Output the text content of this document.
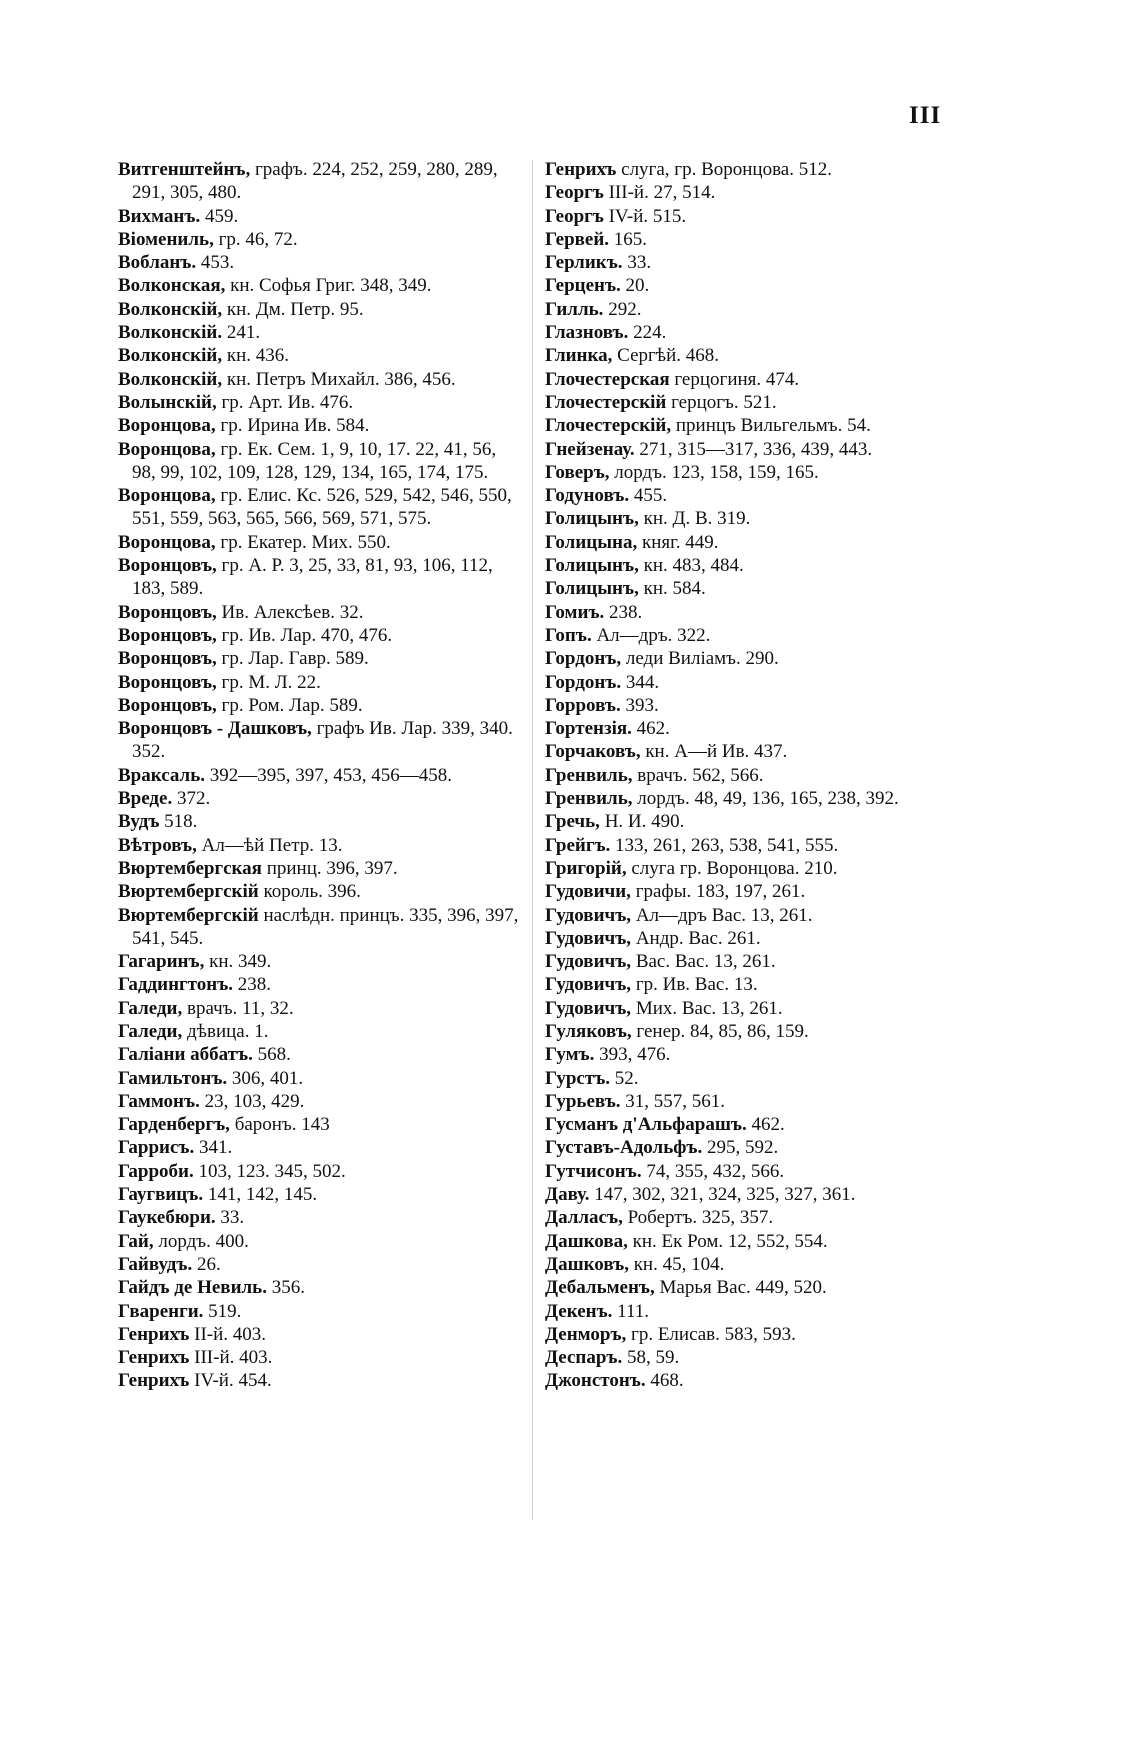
III

Витгенштейнъ, графъ. 224, 252, 259, 280, 289, 291, 305, 480.

Вихманъ. 459.

Віомениль, гр. 46, 72.

Вобланъ. 453.

Волконская, кн. Софья Григ. 348, 349.

Волконскій, кн. Дм. Петр. 95.

Волконскій. 241.

Волконскій, кн. 436.

Волконскій, кн. Петръ Михайл. 386, 456.

Волынскій, гр. Арт. Ив. 476.

Воронцова, гр. Ирина Ив. 584.

Воронцова, гр. Ек. Сем. 1, 9, 10, 17. 22, 41, 56, 98, 99, 102, 109, 128, 129, 134, 165, 174, 175.

Воронцова, гр. Елис. Кс. 526, 529, 542, 546, 550, 551, 559, 563, 565, 566, 569, 571, 575.

Воронцова, гр. Екатер. Мих. 550.

Воронцовъ, гр. А. Р. 3, 25, 33, 81, 93, 106, 112, 183, 589.

Воронцовъ, Ив. Алексѣев. 32.

Воронцовъ, гр. Ив. Лар. 470, 476.

Воронцовъ, гр. Лар. Гавр. 589.

Воронцовъ, гр. М. Л. 22.

Воронцовъ, гр. Ром. Лар. 589.

Воронцовъ - Дашковъ, графъ Ив. Лар. 339, 340. 352.

Враксаль. 392—395, 397, 453, 456—458.

Вреде. 372.

Вудъ 518.

Вѣтровъ, Ал—ѣй Петр. 13.

Вюртембергская принц. 396, 397.

Вюртембергскій король. 396.

Вюртембергскій наслѣдн. принцъ. 335, 396, 397, 541, 545.

Гагаринъ, кн. 349.

Гаддингтонъ. 238.

Галеди, врачъ. 11, 32.

Галеди, дѣвица. 1.

Галіани аббатъ. 568.

Гамильтонъ. 306, 401.

Гаммонъ. 23, 103, 429.

Гарденбергъ, баронъ. 143

Гаррисъ. 341.

Гарроби. 103, 123. 345, 502.

Гаугвицъ. 141, 142, 145.

Гаукебюри. 33.

Гай, лордъ. 400.

Гайвудъ. 26.

Гайдъ де Невиль. 356.

Гваренги. 519.

Генрихъ II-й. 403.

Генрихъ III-й. 403.

Генрихъ IV-й. 454.

Генрихъ слуга, гр. Воронцова. 512.

Георгъ III-й. 27, 514.

Георгъ IV-й. 515.

Гервей. 165.

Герликъ. 33.

Герценъ. 20.

Гилль. 292.

Глазновъ. 224.

Глинка, Сергѣй. 468.

Глочестерская герцогиня. 474.

Глочестерскій герцогъ. 521.

Глочестерскій, принцъ Вильгельмъ. 54.

Гнейзенау. 271, 315—317, 336, 439, 443.

Говеръ, лордъ. 123, 158, 159, 165.

Годуновъ. 455.

Голицынъ, кн. Д. В. 319.

Голицына, княг. 449.

Голицынъ, кн. 483, 484.

Голицынъ, кн. 584.

Гомиъ. 238.

Гопъ. Ал—дръ. 322.

Гордонъ, леди Виліамъ. 290.

Гордонъ. 344.

Горровъ. 393.

Гортензія. 462.

Горчаковъ, кн. А—й Ив. 437.

Гренвиль, врачъ. 562, 566.

Гренвиль, лордъ. 48, 49, 136, 165, 238, 392.

Гречь, Н. И. 490.

Грейгъ. 133, 261, 263, 538, 541, 555.

Григорій, слуга гр. Воронцова. 210.

Гудовичи, графы. 183, 197, 261.

Гудовичъ, Ал—дръ Вас. 13, 261.

Гудовичъ, Андр. Вас. 261.

Гудовичъ, Вас. Вас. 13, 261.

Гудовичъ, гр. Ив. Вас. 13.

Гудовичъ, Мих. Вас. 13, 261.

Гуляковъ, генер. 84, 85, 86, 159.

Гумъ. 393, 476.

Гурстъ. 52.

Гурьевъ. 31, 557, 561.

Гусманъ д'Альфарашъ. 462.

Густавъ-Адольфъ. 295, 592.

Гутчисонъ. 74, 355, 432, 566.

Даву. 147, 302, 321, 324, 325, 327, 361.

Далласъ, Робертъ. 325, 357.

Дашкова, кн. Ек Ром. 12, 552, 554.

Дашковъ, кн. 45, 104.

Дебальменъ, Марья Вас. 449, 520.

Декенъ. 111.

Денморъ, гр. Елисав. 583, 593.

Деспаръ. 58, 59.

Джонстонъ. 468.
